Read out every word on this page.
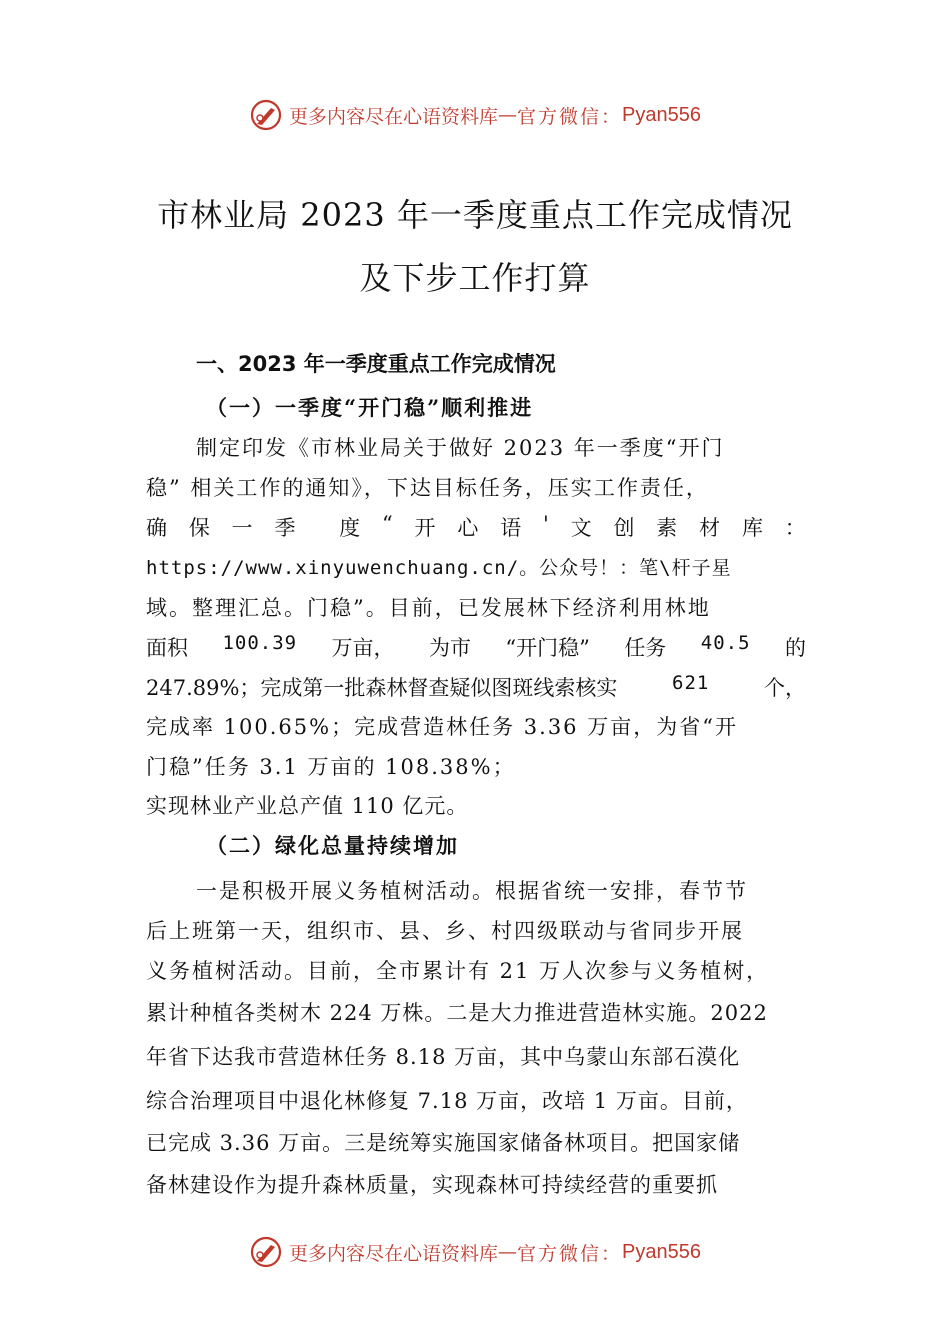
更多内容尽在心语资料库 — 官方微信： Pyan556
市林业局 2023 年一季度重点工作完成情况
及下步工作打算
一、2023 年一季度重点工作完成情况
（一）一季度“开门稳”顺利推进
制定印发《市林业局关于做好 2023 年一季度“开门
稳” 相关工作的通知》，下达目标任务，压实工作责任，
确 保 一 季 度 “ 开 心 语 ' 文 创 素 材 库 ：
https://www.xinyuwenchuang.cn/。公众号！：笔\杆子星
域。整理汇总。门稳”。目前，已发展林下经济利用林地
面积 100.39 万亩， 为市 “开门稳” 任务 40.5 的
247.89%；完成第一批森林督查疑似图斑线索核实	621	个，
完成率 100.65%；完成营造林任务 3.36 万亩，为省“开
门稳”任务 3.1 万亩的 108.38%；
实现林业产业总产值 110 亿元。
（二）绿化总量持续增加
一是积极开展义务植树活动。根据省统一安排，春节节
后上班第一天，组织市、县、乡、村四级联动与省同步开展
义务植树活动。目前，全市累计有 21 万人次参与义务植树，
累计种植各类树木 224 万株。二是大力推进营造林实施。2022
年省下达我市营造林任务 8.18 万亩，其中乌蒙山东部石漠化
综合治理项目中退化林修复 7.18 万亩，改培 1 万亩。目前，
已完成 3.36 万亩。三是统筹实施国家储备林项目。把国家储
备林建设作为提升森林质量，实现森林可持续经营的重要抓
更多内容尽在心语资料库 — 官方微信： Pyan556
